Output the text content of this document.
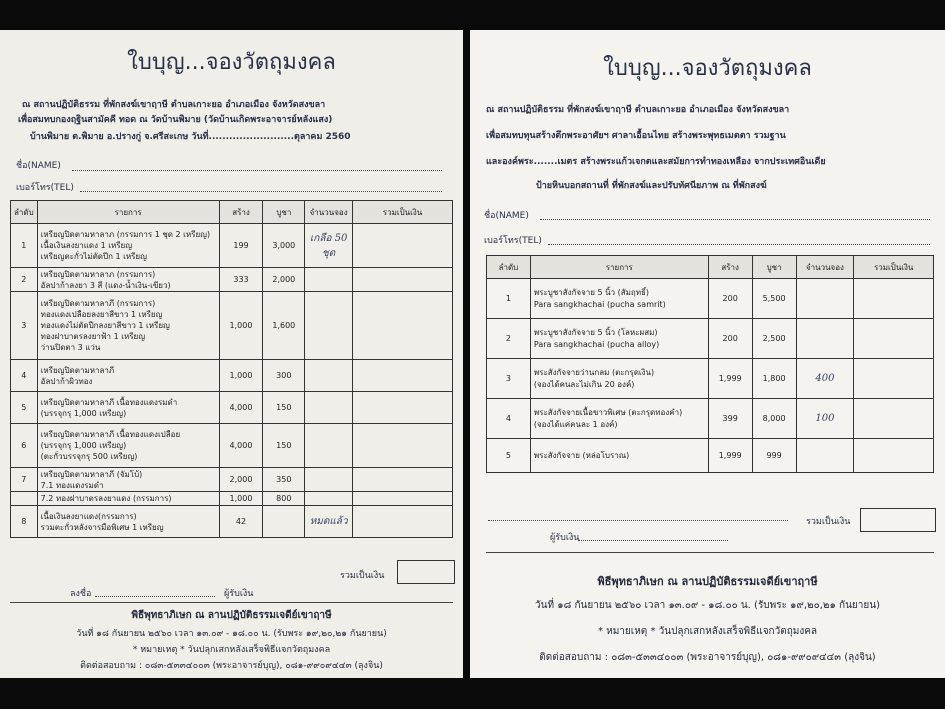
ใบบุญ...จองวัตถุมงคล
ณ สถานปฏิบัติธรรม ที่พักสงฆ์เขาฤาษี ตำบลเกาะยอ อำเภอเมือง จังหวัดสงขลา
เพื่อสมทบกองฤฐินสามัคคี ทอด ณ วัดบ้านพิมาย (วัดบ้านเกิดพระอาจารย์หลังแสง)
บ้านพิมาย ต.พิมาย อ.ปรางกู่ จ.ศรีสะเกษ วันที่.........................ตุลาคม 2560
ชื่อ(NAME)
เบอร์โทร(TEL)
ลำดับ	รายการ	สร้าง	บูชา	จำนวนจอง	รวมเป็นเงิน
1	เหรียญปิดตามหาลาภ (กรรมการ 1 ชุด 2 เหรียญ)
เนื้อเงินลงยาแดง 1 เหรียญ
เหรียญตะกั่วไม่ตัดปีก 1 เหรียญ	199	3,000	เกลือ 50 ชุด	
2	เหรียญปิดตามหาลาภ (กรรมการ)
อัลปาก้าลงยา 3 สี (แดง-น้ำเงิน-เขียว)	333	2,000		
3	เหรียญปิดตามหาลาภี (กรรมการ)
ทองแดงเปลือยลงยาสีขาว 1 เหรียญ
ทองแดงไม่ตัดปีกลงยาสีขาว 1 เหรียญ
ทองฝาบาตรลงยาฟ้า 1 เหรียญ
ว่านปิดตา 3 แว่น	1,000	1,600		
4	เหรียญปิดตามหาลาภี
อัลปาก้าผิวทอง	1,000	300		
5	เหรียญปิดตามหาลาภี เนื้อทองแดงรมดำ
(บรรจุกรุ 1,000 เหรียญ)	4,000	150		
6	เหรียญปิดตามหาลาภี เนื้อทองแดงเปลือย
(บรรจุกรุ 1,000 เหรียญ)
(ตะกั่วบรรจุกรุ 500 เหรียญ)	4,000	150		
7	เหรียญปิดตามหาลาภี (จัมโบ้)
7.1 ทองแดงรมดำ	2,000	350		

	7.2 ทองฝาบาตรลงยาแดง (กรรมการ)	1,000	800		
8	เนื้อเงินลงยาแดง(กรรมการ)
รวมตะกั่วหลังจารมือพิเศษ 1 เหรียญ	42		หมดแล้ว	
รวมเป็นเงิน
ลงชื่อ	ผู้รับเงิน
พิธีพุทธาภิเษก ณ ลานปฏิบัติธรรมเจดีย์เขาฤาษี
วันที่ ๑๘ กันยายน ๒๕๖๐ เวลา ๑๓.๐๙ - ๑๘.๐๐ น. (รับพระ ๑๙,๒๐,๒๑ กันยายน)
* หมายเหตุ * วันปลุกเสกหลังเสร็จพิธีแจกวัตถุมงคล
ติดต่อสอบถาม : ๐๘๓-๕๓๓๔๐๐๓ (พระอาจารย์บุญ), ๐๘๑-๙๙๐๙๔๔๓ (ลุงจิน)
ใบบุญ...จองวัตถุมงคล
ณ สถานปฏิบัติธรรม ที่พักสงฆ์เขาฤาษี ตำบลเกาะยอ อำเภอเมือง จังหวัดสงขลา
เพื่อสมทบทุนสร้างตึกพระอาศัยฯ ศาลาเอื้อนไทย สร้างพระพุทธเมตตา รวมฐาน
และองค์พระ.......เมตร สร้างพระแก้วเจกตและสมัยการทำทองเหลือง จากประเทศอินเดีย
ป้ายหินบอกสถานที่ ที่พักสงฆ์และปรับทัศนียภาพ ณ ที่พักสงฆ์
ชื่อ(NAME)
เบอร์โทร(TEL)
ลำดับ	รายการ	สร้าง	บูชา	จำนวนจอง	รวมเป็นเงิน
1	พระบูชาสังกัจจาย 5 นิ้ว (สัมฤทธิ์)
Para sangkhachai (pucha samrit)	200	5,500		
2	พระบูชาสังกัจจาย 5 นิ้ว (โลหะผสม)
Para sangkhachai (pucha alloy)	200	2,500		
3	พระสังกัจจายว่านกลม (ตะกรุดเงิน)
(จองได้คนละไม่เกิน 20 องค์)	1,999	1,800	400	
4	พระสังกัจจายเนื้อขาวพิเศษ (ตะกรุดทองคำ)
(จองได้แค่คนละ 1 องค์)	399	8,000	100	
5	พระสังกัจจาย (หล่อโบราณ)	1,999	999		
รวมเป็นเงิน
ผู้รับเงิน
พิธีพุทธาภิเษก ณ ลานปฏิบัติธรรมเจดีย์เขาฤาษี
วันที่ ๑๘ กันยายน ๒๕๖๐ เวลา ๑๓.๐๙ - ๑๘.๐๐ น. (รับพระ ๑๙,๒๐,๒๑ กันยายน)
* หมายเหตุ * วันปลุกเสกหลังเสร็จพิธีแจกวัตถุมงคล
ติดต่อสอบถาม : ๐๘๓-๕๓๓๔๐๐๓ (พระอาจารย์บุญ), ๐๘๑-๙๙๐๙๔๔๓ (ลุงจิน)
